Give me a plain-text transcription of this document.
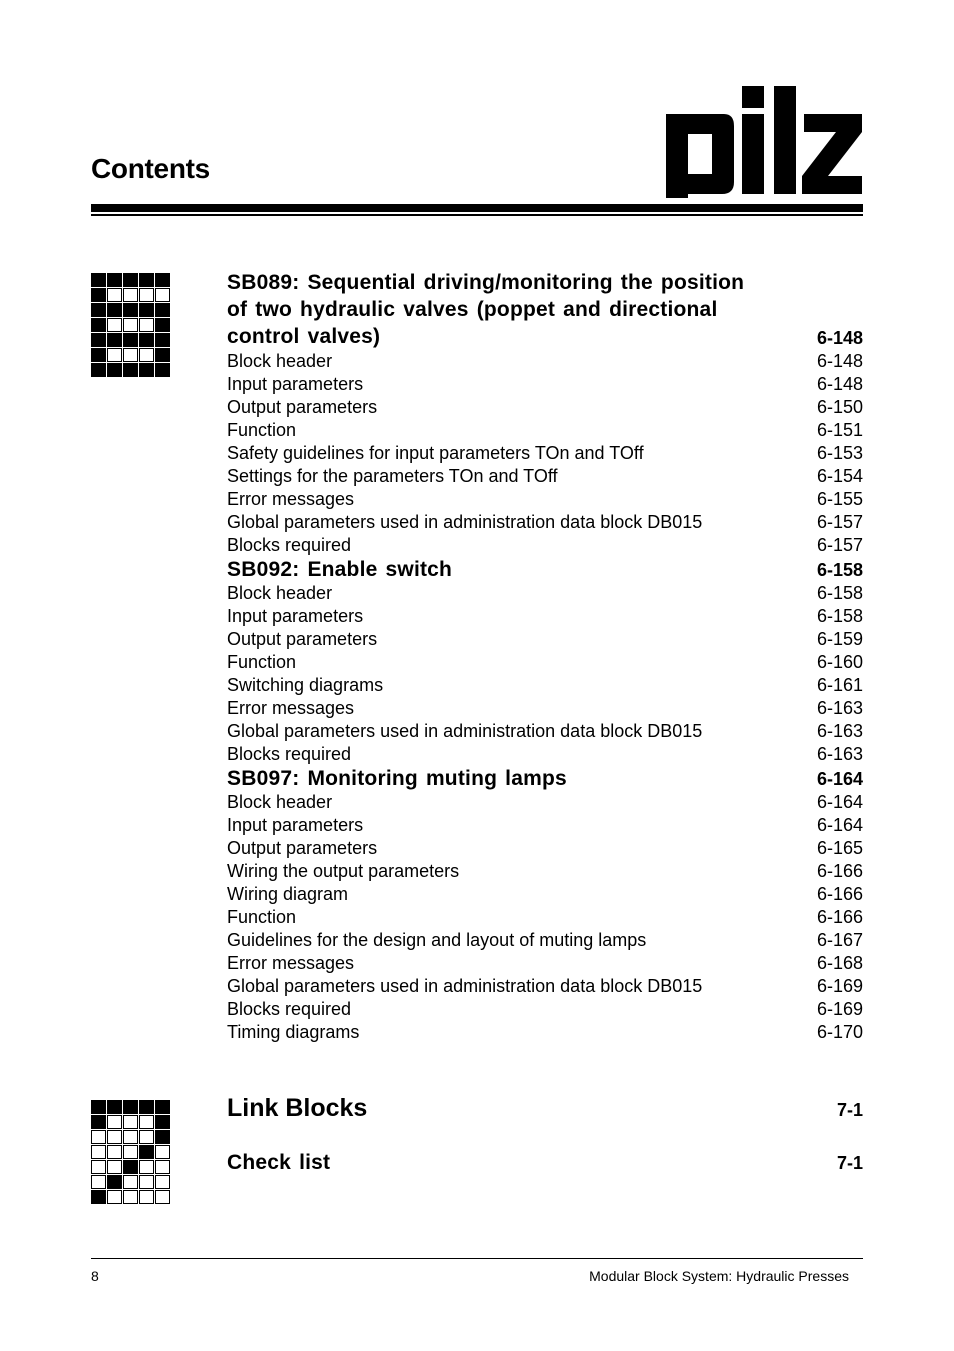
Contents
SB089: Sequential driving/monitoring the position
of two hydraulic valves (poppet and directional
control valves)	6-148
Block header	6-148
Input parameters	6-148
Output parameters	6-150
Function	6-151
Safety guidelines for input parameters TOn and TOff	6-153
Settings for the parameters TOn and TOff	6-154
Error messages	6-155
Global parameters used in administration data block DB015	6-157
Blocks required	6-157
SB092: Enable switch	6-158
Block header	6-158
Input parameters	6-158
Output parameters	6-159
Function	6-160
Switching diagrams	6-161
Error messages	6-163
Global parameters used in administration data block DB015	6-163
Blocks required	6-163
SB097: Monitoring muting lamps	6-164
Block header	6-164
Input parameters	6-164
Output parameters	6-165
Wiring the output parameters	6-166
Wiring diagram	6-166
Function	6-166
Guidelines for the design and layout of muting lamps	6-167
Error messages	6-168
Global parameters used in administration data block DB015	6-169
Blocks required	6-169
Timing diagrams	6-170
Link Blocks	7-1
Check list	7-1
8	Modular Block System: Hydraulic Presses
